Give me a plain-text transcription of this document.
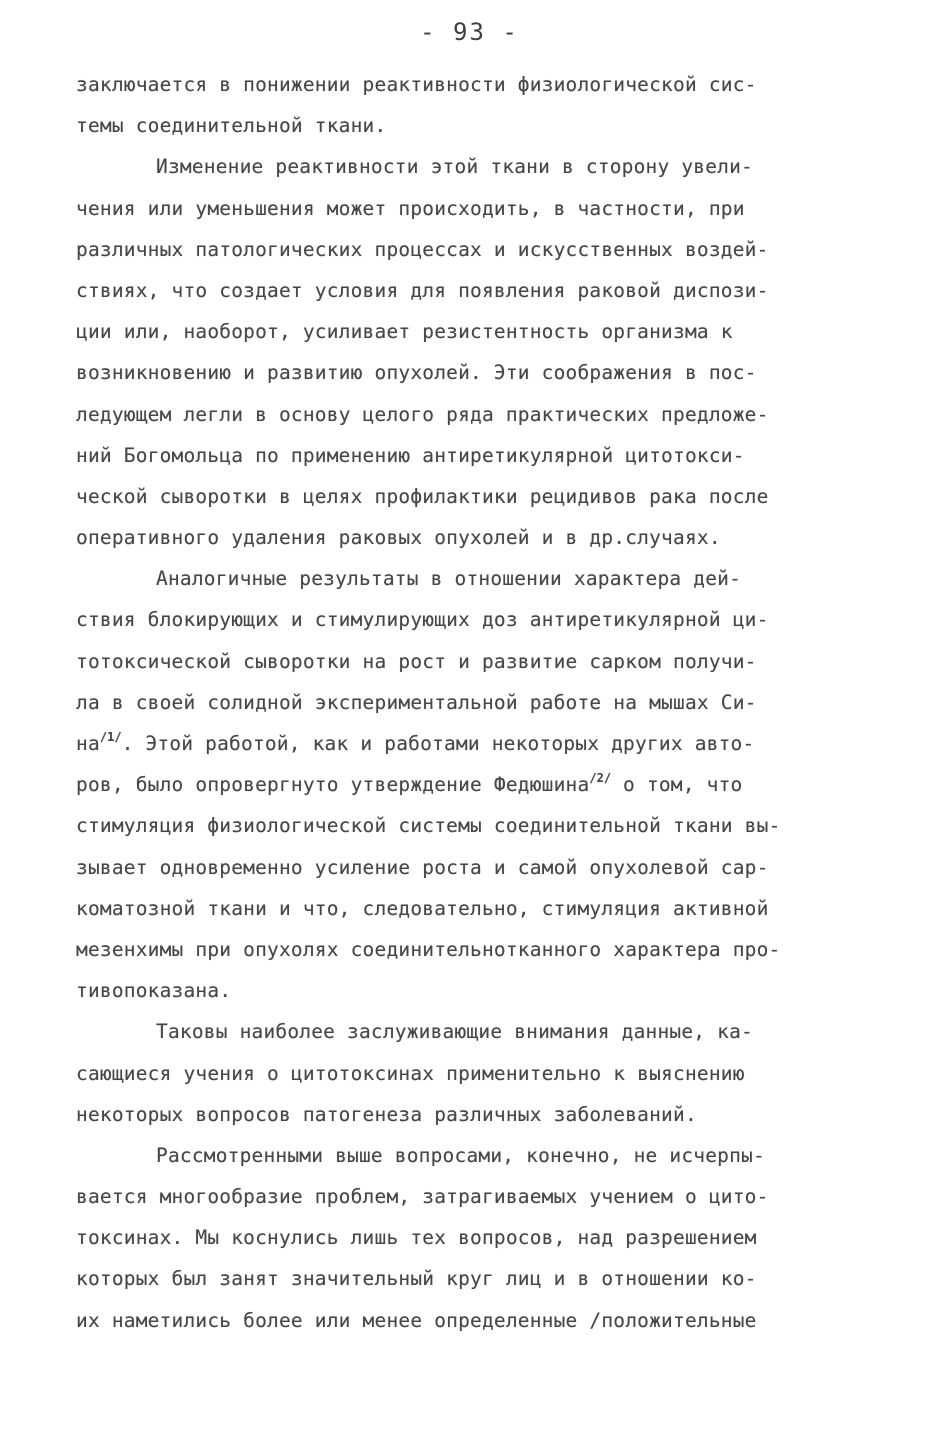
- 93 -
заключается в понижении реактивности физиологической сис-
темы соединительной ткани.
Изменение реактивности этой ткани в сторону увели-
чения или уменьшения может происходить, в частности, при
различных патологических процессах и искусственных воздей-
ствиях, что создает условия для появления раковой диспози-
ции или, наоборот, усиливает резистентность организма к
возникновению и развитию опухолей. Эти соображения в пос-
ледующем легли в основу целого ряда практических предложе-
ний Богомольца по применению антиретикулярной цитотокси-
ческой сыворотки в целях профилактики рецидивов рака после
оперативного удаления раковых опухолей и в др.случаях.
Аналогичные результаты в отношении характера дей-
ствия блокирующих и стимулирующих доз антиретикулярной ци-
тотоксической сыворотки на рост и развитие сарком получи-
ла в своей солидной экспериментальной работе на мышах Си-
$на^{/1/}$. Этой работой, как и работами некоторых других авто-
ров, было опровергнуто утверждение Федюшина$^{/2/}$ о том, что
стимуляция физиологической системы соединительной ткани вы-
зывает одновременно усиление роста и самой опухолевой сар-
коматозной ткани и что, следовательно, стимуляция активной
мезенхимы при опухолях соединительнотканного характера про-
тивопоказана.
Таковы наиболее заслуживающие внимания данные, ка-
сающиеся учения о цитотоксинах применительно к выяснению
некоторых вопросов патогенеза различных заболеваний.
Рассмотренными выше вопросами, конечно, не исчерпы-
вается многообразие проблем, затрагиваемых учением о цито-
токсинах. Мы коснулись лишь тех вопросов, над разрешением
которых был занят значительный круг лиц и в отношении ко-
их наметились более или менее определенные /положительные
